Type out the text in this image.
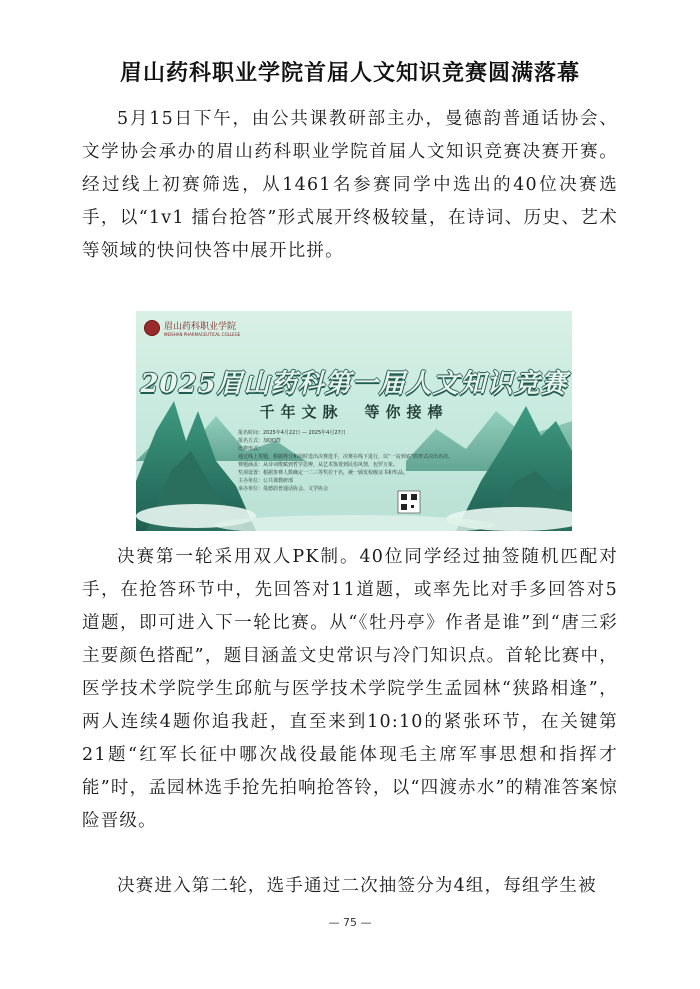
眉山药科职业学院首届人文知识竞赛圆满落幕

5月15日下午，由公共课教研部主办，曼德韵普通话协会、文学协会承办的眉山药科职业学院首届人文知识竞赛决赛开赛。经过线上初赛筛选，从1461名参赛同学中选出的40位决赛选手，以“1v1 擂台抢答”形式展开终极较量，在诗词、历史、艺术等领域的快问快答中展开比拼。

眉山药科职业学院
MEISHAN PHARMACEUTICAL COLLEGE
2025眉山药科第一届人文知识竞赛
千年文脉　等你接棒
报名时间：2025年4月22日 — 2025年4月27日
报名方式：加QQ群
比赛形式：
通过线上答题，根据得分和用时选出决赛选手，决赛在线下进行，以“一站到底”的形式决出名次。
赛题涵盖：从诗词歌赋到哲学思辨，从艺术鉴赏到民俗风情，包罗万象。
奖项设置：根据参赛人数确定一二三等奖若干名，统一颁发校级证书和奖品。
主办单位：公共课教研部
承办单位：曼德韵普通话协会、文学协会

决赛第一轮采用双人PK制。40位同学经过抽签随机匹配对手，在抢答环节中，先回答对11道题，或率先比对手多回答对5道题，即可进入下一轮比赛。从“《牡丹亭》作者是谁”到“唐三彩主要颜色搭配”，题目涵盖文史常识与冷门知识点。首轮比赛中，医学技术学院学生邱航与医学技术学院学生孟园林“狭路相逢”，两人连续4题你追我赶，直至来到10:10的紧张环节，在关键第21题“红军长征中哪次战役最能体现毛主席军事思想和指挥才能”时，孟园林选手抢先拍响抢答铃，以“四渡赤水”的精准答案惊险晋级。

决赛进入第二轮，选手通过二次抽签分为4组，每组学生被

— 75 —
